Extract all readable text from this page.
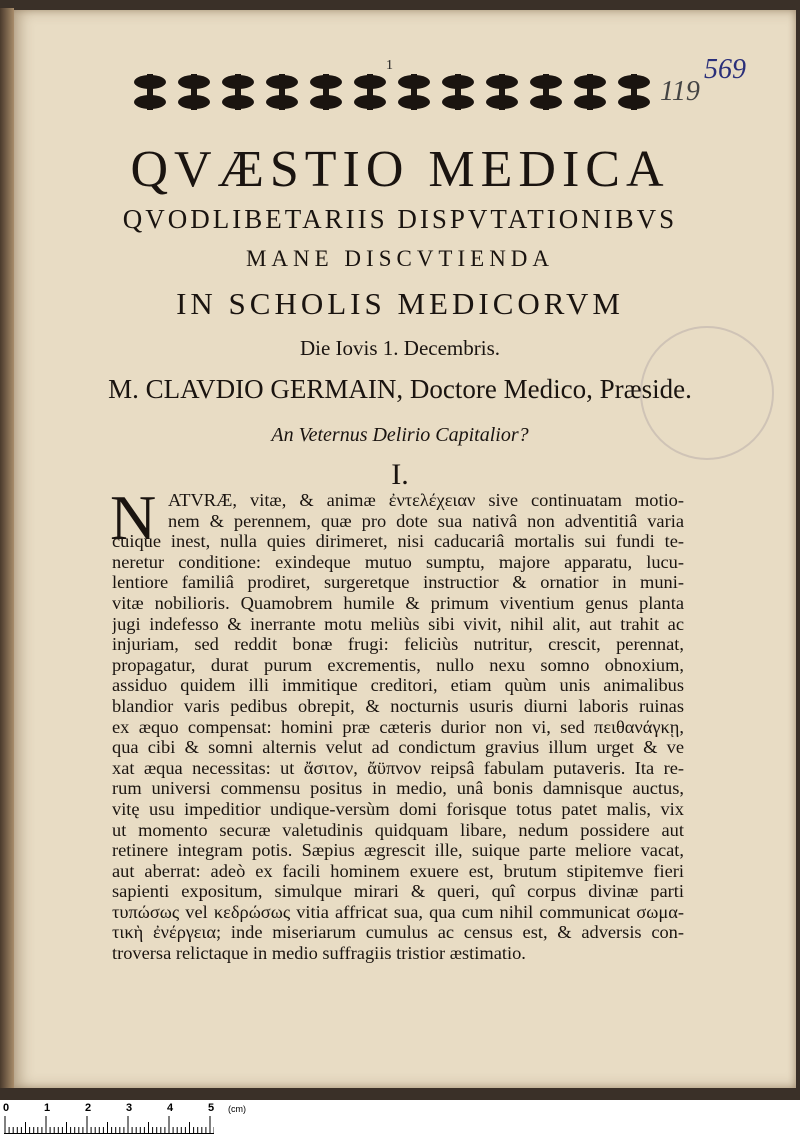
1
119
569
QVÆSTIO MEDICA
QVODLIBETARIIS DISPVTATIONIBVS
MANE DISCVTIENDA
IN SCHOLIS MEDICORVM
Die Iovis 1. Decembris.
M. CLAVDIO GERMAIN, Doctore Medico, Præside.
An Veternus Delirio Capitalior?
I.
N ATVRÆ, vitæ, & animæ ἐντελέχειαν sive continuatam motio-
nem & perennem, quæ pro dote sua nativâ non adventitiâ varia
cuique inest, nulla quies dirimeret, nisi caducariâ mortalis sui fundi te-
neretur conditione: exindeque mutuo sumptu, majore apparatu, lucu-
lentiore familiâ prodiret, surgeretque instructior & ornatior in muni-
vitæ nobilioris. Quamobrem humile & primum viventium genus planta
jugi indefesso & inerrante motu meliùs sibi vivit, nihil alit, aut trahit ac
injuriam, sed reddit bonæ frugi: feliciùs nutritur, crescit, perennat,
propagatur, durat purum excrementis, nullo nexu somno obnoxium,
assiduo quidem illi immitique creditori, etiam quùm unis animalibus
blandior varis pedibus obrepit, & nocturnis usuris diurni laboris ruinas
ex æquo compensat: homini præ cæteris durior non vi, sed πειθανάγκῃ,
qua cibi & somni alternis velut ad condictum gravius illum urget & ve
xat æqua necessitas: ut ἄσιτον, ἄϋπνον reipsâ fabulam putaveris. Ita re-
rum universi commensu positus in medio, unâ bonis damnisque auctus,
vitę usu impeditior undique-versùm domi forisque totus patet malis, vix
ut momento securæ valetudinis quidquam libare, nedum possidere aut
retinere integram potis. Sæpius ægrescit ille, suique parte meliore vacat,
aut aberrat: adeò ex facili hominem exuere est, brutum stipitemve fieri
sapienti expositum, simulque mirari & queri, quî corpus divinæ parti
τυπώσως vel κεδρώσως vitia affricat sua, qua cum nihil communicat σωμα-
τικὴ ἐνέργεια; inde miseriarum cumulus ac census est, & adversis con-
troversa relictaque in medio suffragiis tristior æstimatio.
0	1	2	3	4	5 (cm)
